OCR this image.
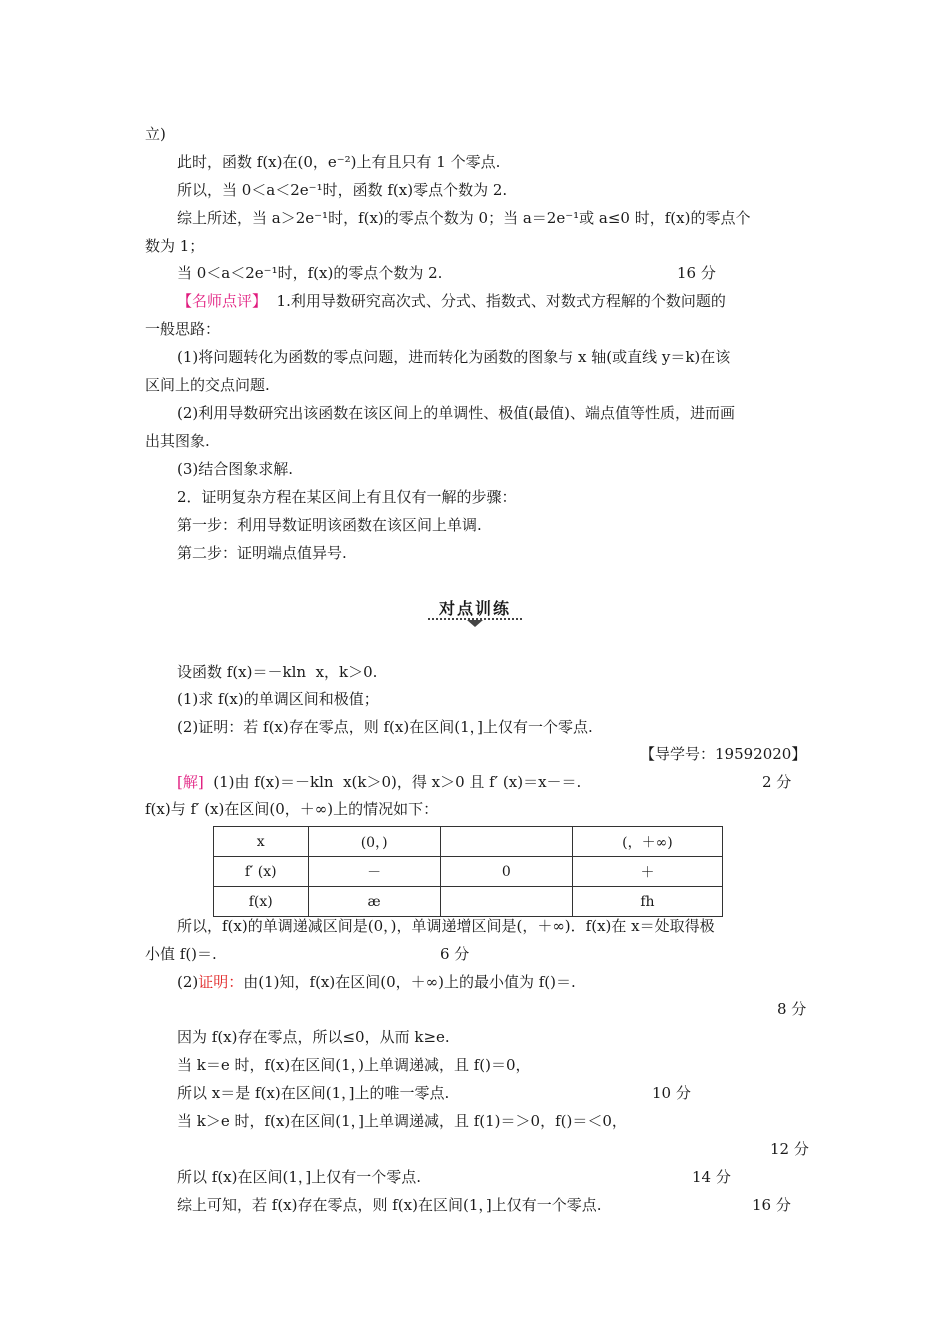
立)
此时，函数 f(x)在(0，e⁻²)上有且只有 1 个零点.
所以，当 0＜a＜2e⁻¹时，函数 f(x)零点个数为 2.
综上所述，当 a＞2e⁻¹时，f(x)的零点个数为 0；当 a＝2e⁻¹或 a≤0 时，f(x)的零点个
数为 1；
当 0＜a＜2e⁻¹时，f(x)的零点个数为 2.	16 分
【名师点评】  1.利用导数研究高次式、分式、指数式、对数式方程解的个数问题的
一般思路：
(1)将问题转化为函数的零点问题，进而转化为函数的图象与 x 轴(或直线 y＝k)在该
区间上的交点问题.
(2)利用导数研究出该函数在该区间上的单调性、极值(最值)、端点值等性质，进而画
出其图象.
(3)结合图象求解.
2．证明复杂方程在某区间上有且仅有一解的步骤：
第一步：利用导数证明该函数在该区间上单调.
第二步：证明端点值异号.
对点训练
设函数 f(x)＝－kln  x，k＞0.
(1)求 f(x)的单调区间和极值；
(2)证明：若 f(x)存在零点，则 f(x)在区间(1，]上仅有一个零点.
【导学号：19592020】
[解]  (1)由 f(x)＝－kln  x(k＞0)，得 x＞0 且 f′ (x)＝x－＝.	2 分
f(x)与 f′ (x)在区间(0，＋∞)上的情况如下：
x	(0，)		(，＋∞)
f′ (x)	－	0	＋
f(x)	æ		fh
所以，f(x)的单调递减区间是(0，)，单调递增区间是(，＋∞)．f(x)在 x＝处取得极
小值 f()＝.	6 分
(2)证明：由(1)知，f(x)在区间(0，＋∞)上的最小值为 f()＝.
8 分
因为 f(x)存在零点，所以≤0，从而 k≥e.
当 k＝e 时，f(x)在区间(1，)上单调递减，且 f()＝0，
所以 x＝是 f(x)在区间(1，]上的唯一零点.	10 分
当 k＞e 时，f(x)在区间(1，]上单调递减，且 f(1)＝＞0，f()＝＜0，
12 分
所以 f(x)在区间(1，]上仅有一个零点.	14 分
综上可知，若 f(x)存在零点，则 f(x)在区间(1，]上仅有一个零点.	16 分
